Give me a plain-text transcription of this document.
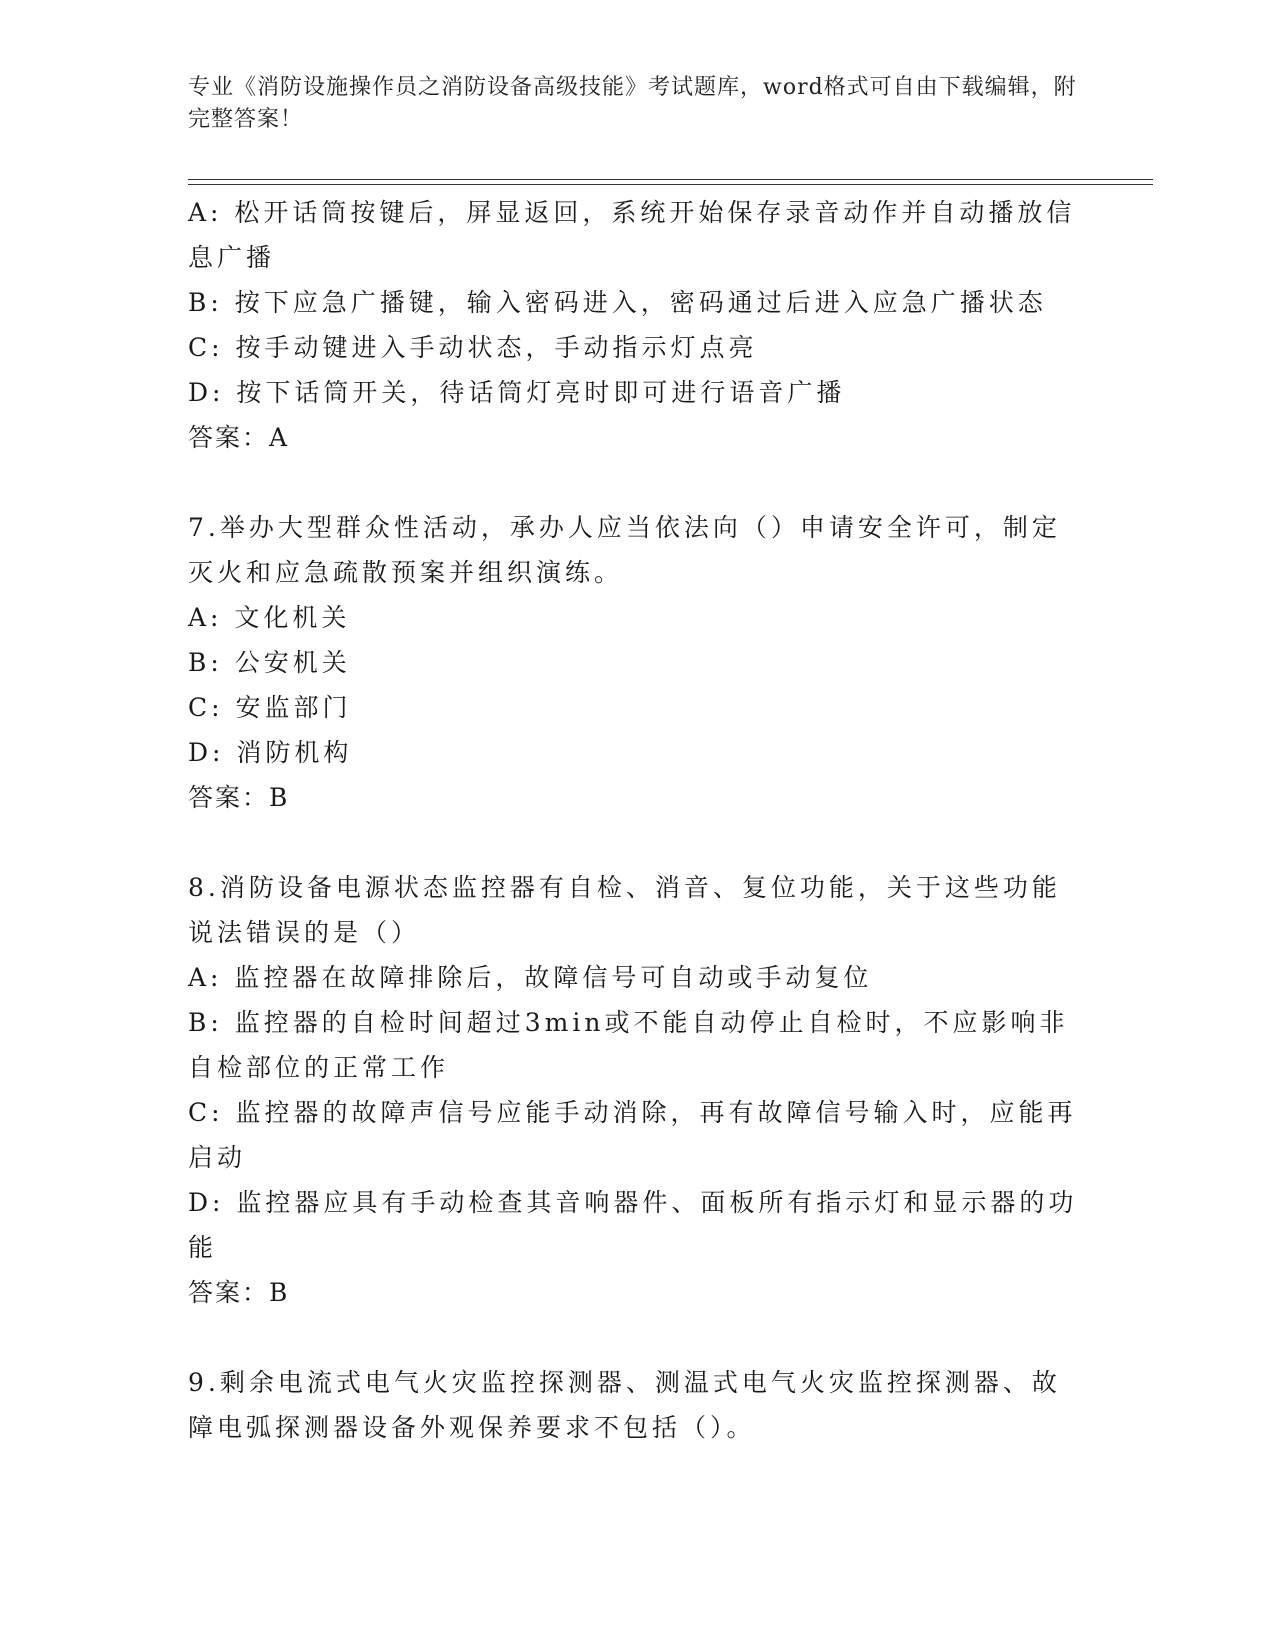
专业《消防设施操作员之消防设备高级技能》考试题库，word格式可自由下载编辑，附完整答案！
A: 松开话筒按键后，屏显返回，系统开始保存录音动作并自动播放信息广播
B: 按下应急广播键，输入密码进入，密码通过后进入应急广播状态
C: 按手动键进入手动状态，手动指示灯点亮
D: 按下话筒开关，待话筒灯亮时即可进行语音广播
答案：A
7.举办大型群众性活动，承办人应当依法向（）申请安全许可，制定灭火和应急疏散预案并组织演练。
A: 文化机关
B: 公安机关
C: 安监部门
D: 消防机构
答案：B
8.消防设备电源状态监控器有自检、消音、复位功能，关于这些功能说法错误的是（）
A: 监控器在故障排除后，故障信号可自动或手动复位
B: 监控器的自检时间超过3min或不能自动停止自检时，不应影响非自检部位的正常工作
C: 监控器的故障声信号应能手动消除，再有故障信号输入时，应能再启动
D: 监控器应具有手动检查其音响器件、面板所有指示灯和显示器的功能
答案：B
9.剩余电流式电气火灾监控探测器、测温式电气火灾监控探测器、故障电弧探测器设备外观保养要求不包括（）。
